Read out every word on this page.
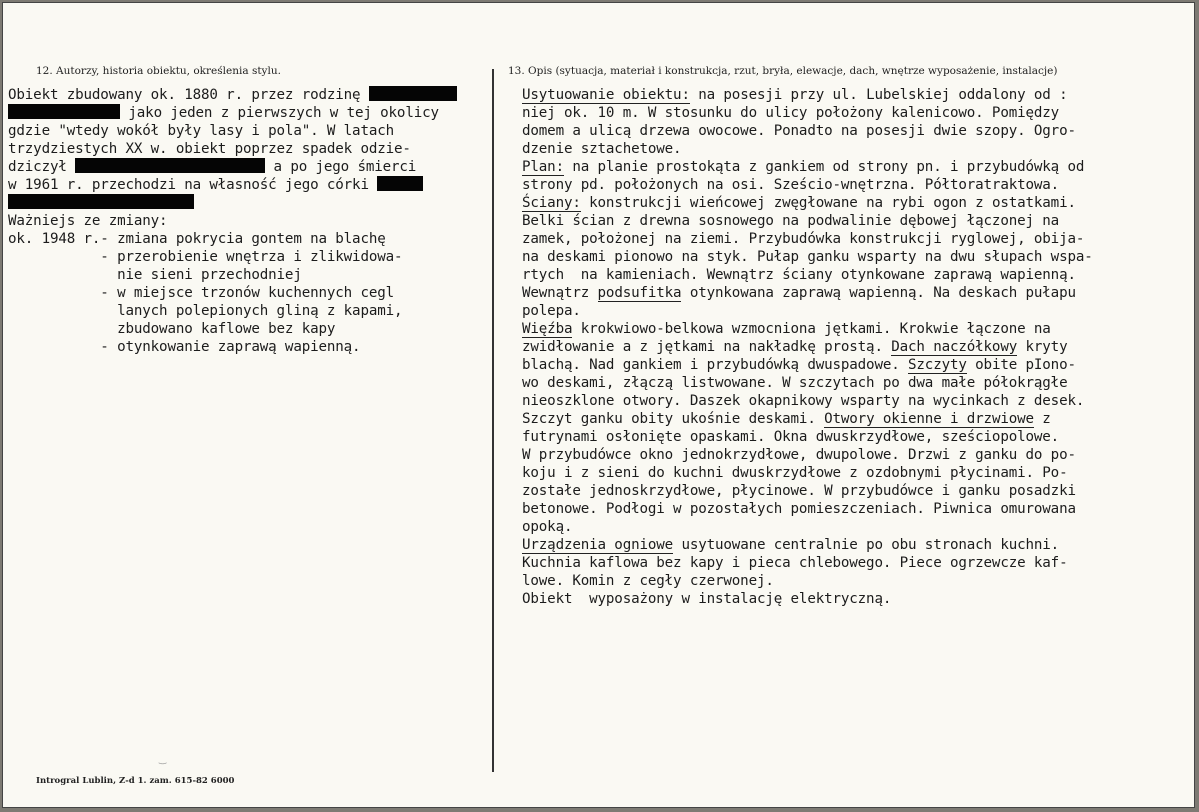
12. Autorzy, historia obiektu, określenia stylu.	13. Opis (sytuacja, materiał i konstrukcja, rzut, bryła, elewacje, dach, wnętrze wyposażenie, instalacje)
Obiekt zbudowany ok. 1880 r. przez rodzinę
jako jeden z pierwszych w tej okolicy
gdzie "wtedy wokół były lasy i pola". W latach
trzydziestych XX w. obiekt poprzez spadek odzie-
dziczył	a po jego śmierci
w 1961 r. przechodzi na własność jego córki
Ważniejs ze zmiany:
ok. 1948 r.- zmiana pokrycia gontem na blachę
- przerobienie wnętrza i zlikwidowa-
nie sieni przechodniej
- w miejsce trzonów kuchennych cegl
lanych polepionych gliną z kapami,
zbudowano kaflowe bez kapy
- otynkowanie zaprawą wapienną.
Usytuowanie obiektu: na posesji przy ul. Lubelskiej oddalony od :
niej ok. 10 m. W stosunku do ulicy położony kalenicowo. Pomiędzy
domem a ulicą drzewa owocowe. Ponadto na posesji dwie szopy. Ogro-
dzenie sztachetowe.
Plan: na planie prostokąta z gankiem od strony pn. i przybudówką od
strony pd. położonych na osi. Sześcio-wnętrzna. Półtoratraktowa.
Ściany: konstrukcji wieńcowej zwęgłowane na rybi ogon z ostatkami.
Belki ścian z drewna sosnowego na podwalinie dębowej łączonej na
zamek, położonej na ziemi. Przybudówka konstrukcji ryglowej, obija-
na deskami pionowo na styk. Pułap ganku wsparty na dwu słupach wspa-
rtych  na kamieniach. Wewnątrz ściany otynkowane zaprawą wapienną.
Wewnątrz podsufitka otynkowana zaprawą wapienną. Na deskach pułapu
polepa.
Więźba krokwiowo-belkowa wzmocniona jętkami. Krokwie łączone na
zwidłowanie a z jętkami na nakładkę prostą. Dach naczółkowy kryty
blachą. Nad gankiem i przybudówką dwuspadowe. Szczyty obite pIono-
wo deskami, złączą listwowane. W szczytach po dwa małe półokrągłe
nieoszklone otwory. Daszek okapnikowy wsparty na wycinkach z desek.
Szczyt ganku obity ukośnie deskami. Otwory okienne i drzwiowe z
futrynami osłonięte opaskami. Okna dwuskrzydłowe, sześciopolowe.
W przybudówce okno jednokrzydłowe, dwupolowe. Drzwi z ganku do po-
koju i z sieni do kuchni dwuskrzydłowe z ozdobnymi płycinami. Po-
zostałe jednoskrzydłowe, płycinowe. W przybudówce i ganku posadzki
betonowe. Podłogi w pozostałych pomieszczeniach. Piwnica omurowana
opoką.
Urządzenia ogniowe usytuowane centralnie po obu stronach kuchni.
Kuchnia kaflowa bez kapy i pieca chlebowego. Piece ogrzewcze kaf-
lowe. Komin z cegły czerwonej.
Obiekt  wyposażony w instalację elektryczną.
‿
Introgral Lublin, Z-d 1. zam. 615-82 6000
